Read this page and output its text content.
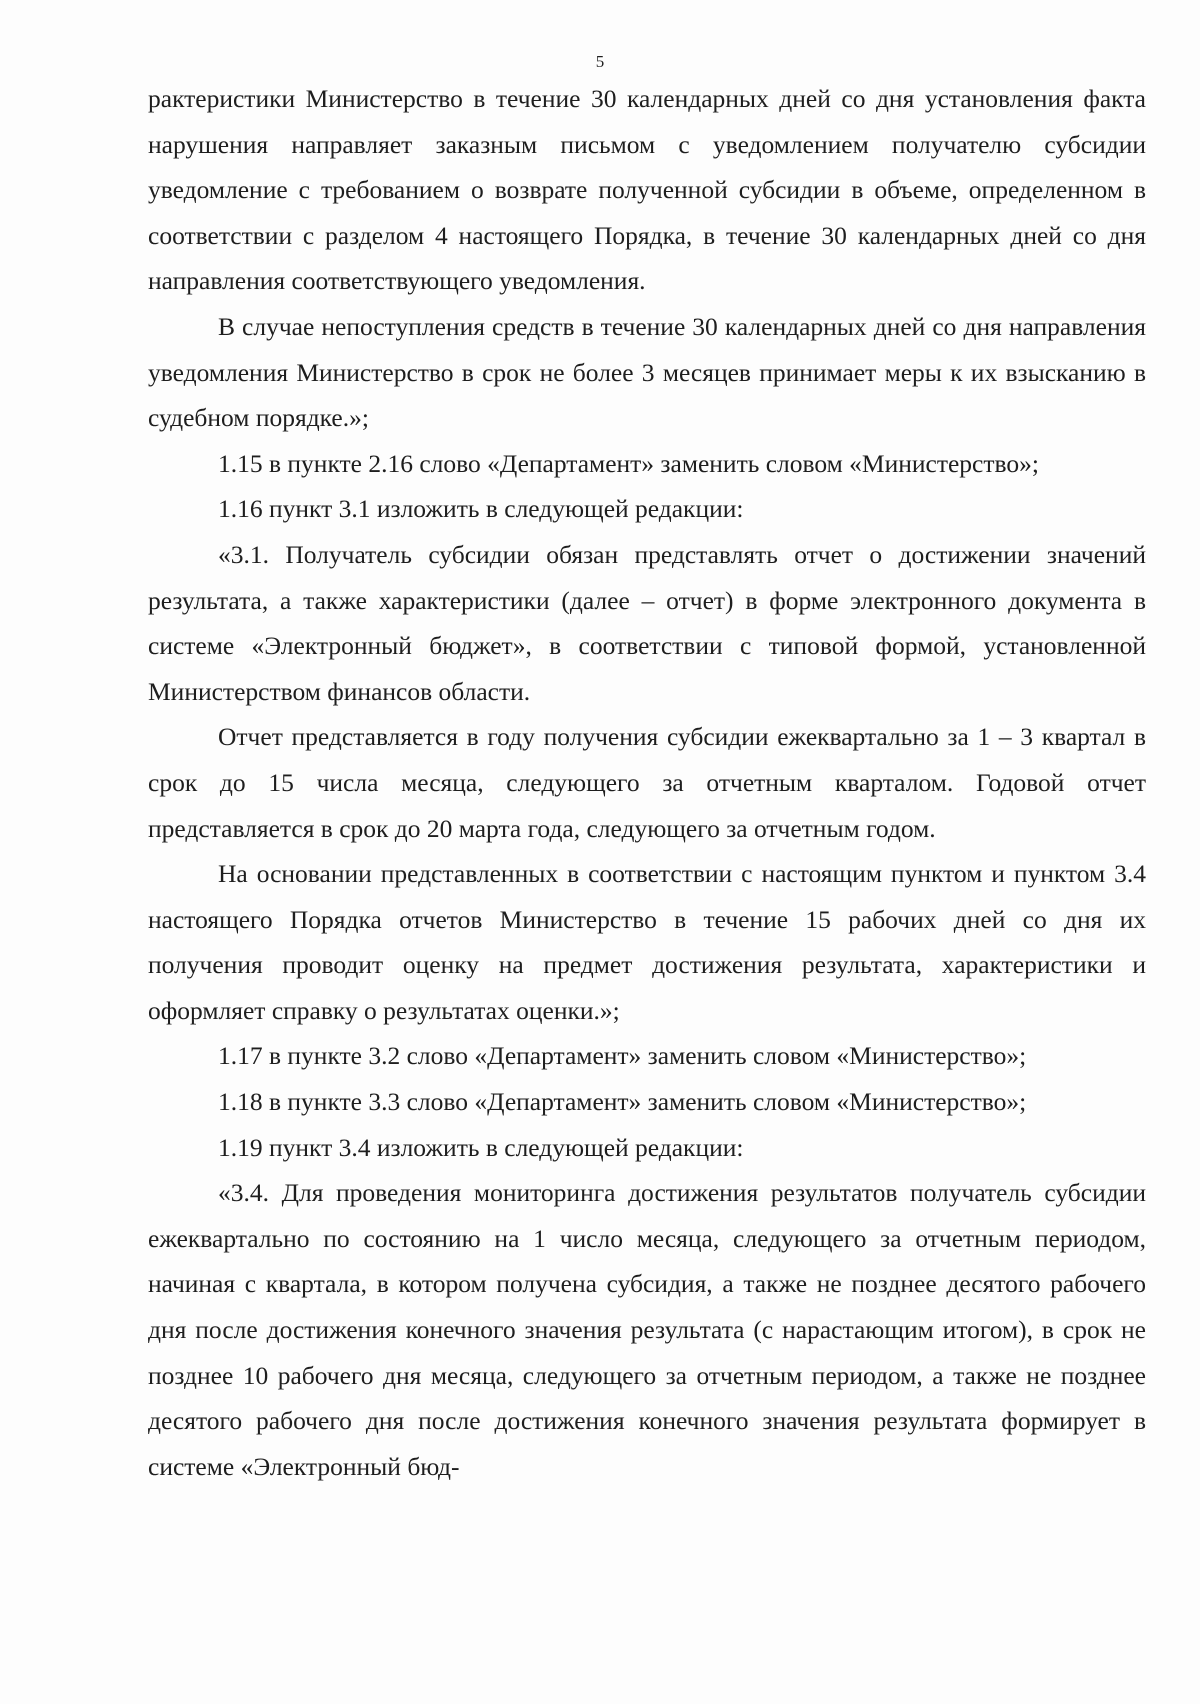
5

рактеристики Министерство в течение 30 календарных дней со дня установления факта нарушения направляет заказным письмом с уведомлением получателю субсидии уведомление с требованием о возврате полученной субсидии в объеме, определенном в соответствии с разделом 4 настоящего Порядка, в течение 30 календарных дней со дня направления соответствующего уведомления.

В случае непоступления средств в течение 30 календарных дней со дня направления уведомления Министерство в срок не более 3 месяцев принимает меры к их взысканию в судебном порядке.»;

1.15 в пункте 2.16 слово «Департамент» заменить словом «Министерство»;

1.16 пункт 3.1 изложить в следующей редакции:

«3.1. Получатель субсидии обязан представлять отчет о достижении значений результата, а также характеристики (далее – отчет) в форме электронного документа в системе «Электронный бюджет», в соответствии с типовой формой, установленной Министерством финансов области.

Отчет представляется в году получения субсидии ежеквартально за 1 – 3 квартал в срок до 15 числа месяца, следующего за отчетным кварталом. Годовой отчет представляется в срок до 20 марта года, следующего за отчетным годом.

На основании представленных в соответствии с настоящим пунктом и пунктом 3.4 настоящего Порядка отчетов Министерство в течение 15 рабочих дней со дня их получения проводит оценку на предмет достижения результата, характеристики и оформляет справку о результатах оценки.»;

1.17 в пункте 3.2 слово «Департамент» заменить словом «Министерство»;

1.18 в пункте 3.3 слово «Департамент» заменить словом «Министерство»;

1.19 пункт 3.4 изложить в следующей редакции:

«3.4. Для проведения мониторинга достижения результатов получатель субсидии ежеквартально по состоянию на 1 число месяца, следующего за отчетным периодом, начиная с квартала, в котором получена субсидия, а также не позднее десятого рабочего дня после достижения конечного значения результата (с нарастающим итогом), в срок не позднее 10 рабочего дня месяца, следующего за отчетным периодом, а также не позднее десятого рабочего дня после достижения конечного значения результата формирует в системе «Электронный бюд-
